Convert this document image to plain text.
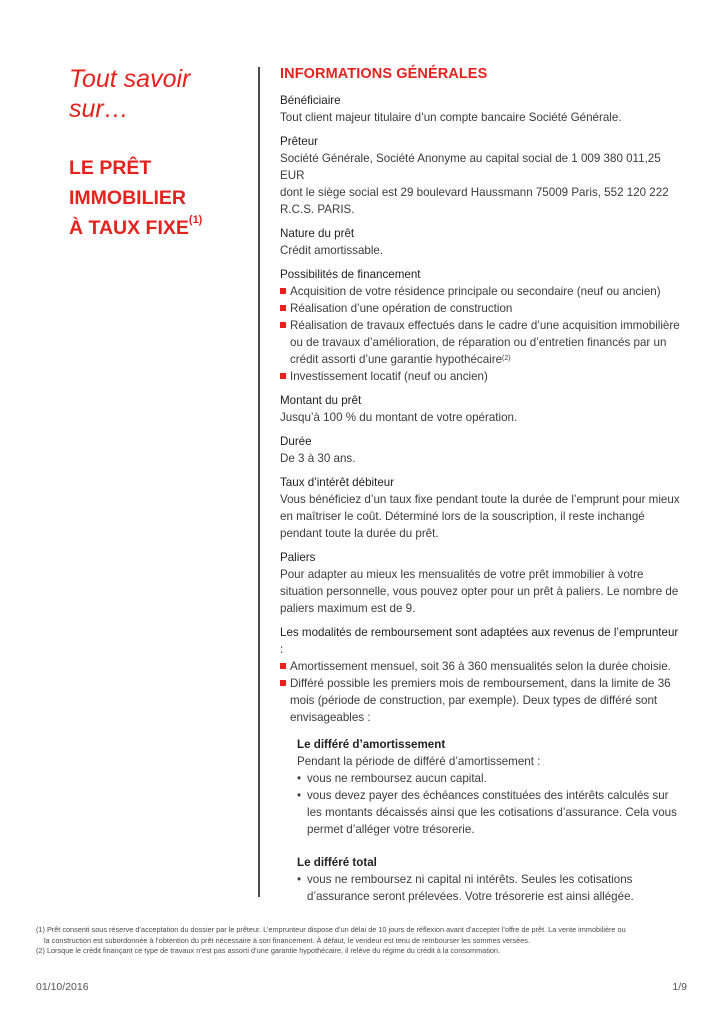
Tout savoir
sur…
LE PRÊT
IMMOBILIER
À TAUX FIXE$^{(1)}$
INFORMATIONS GÉNÉRALES
Bénéficiaire
Tout client majeur titulaire d’un compte bancaire Société Générale.
Prêteur
Société Générale, Société Anonyme au capital social de 1 009 380 011,25 EUR
dont le siège social est 29 boulevard Haussmann 75009 Paris, 552 120 222
R.C.S. PARIS.
Nature du prêt
Crédit amortissable.
Possibilités de financement
Acquisition de votre résidence principale ou secondaire (neuf ou ancien)
Réalisation d’une opération de construction
Réalisation de travaux effectués dans le cadre d’une acquisition immobilière ou de travaux d’amélioration, de réparation ou d’entretien financés par un crédit assorti d’une garantie hypothécaire$^{(2)}$
Investissement locatif (neuf ou ancien)
Montant du prêt
Jusqu’à 100 % du montant de votre opération.
Durée
De 3 à 30 ans.
Taux d’intérêt débiteur
Vous bénéficiez d’un taux fixe pendant toute la durée de l’emprunt pour mieux en maîtriser le coût. Déterminé lors de la souscription, il reste inchangé pendant toute la durée du prêt.
Paliers
Pour adapter au mieux les mensualités de votre prêt immobilier à votre situation personnelle, vous pouvez opter pour un prêt à paliers. Le nombre de paliers maximum est de 9.
Les modalités de remboursement sont adaptées aux revenus de l’emprunteur :
Amortissement mensuel, soit 36 à 360 mensualités selon la durée choisie.
Différé possible les premiers mois de remboursement, dans la limite de 36 mois (période de construction, par exemple). Deux types de différé sont envisageables :
Le différé d’amortissement
Pendant la période de différé d’amortissement :
• vous ne remboursez aucun capital.
• vous devez payer des échéances constituées des intérêts calculés sur les montants décaissés ainsi que les cotisations d’assurance. Cela vous permet d’alléger votre trésorerie.
Le différé total
• vous ne remboursez ni capital ni intérêts. Seules les cotisations d’assurance seront prélevées. Votre trésorerie est ainsi allégée.
(1) Prêt consenti sous réserve d’acceptation du dossier par le prêteur. L’emprunteur dispose d’un délai de 10 jours de réflexion avant d’accepter l’offre de prêt. La vente immobilière ou
la construction est subordonnée à l’obtention du prêt nécessaire à son financement. À défaut, le vendeur est tenu de rembourser les sommes versées.
(2) Lorsque le crédit finançant ce type de travaux n’est pas assorti d’une garantie hypothécaire, il relève du régime du crédit à la consommation.
01/10/2016	1/9
